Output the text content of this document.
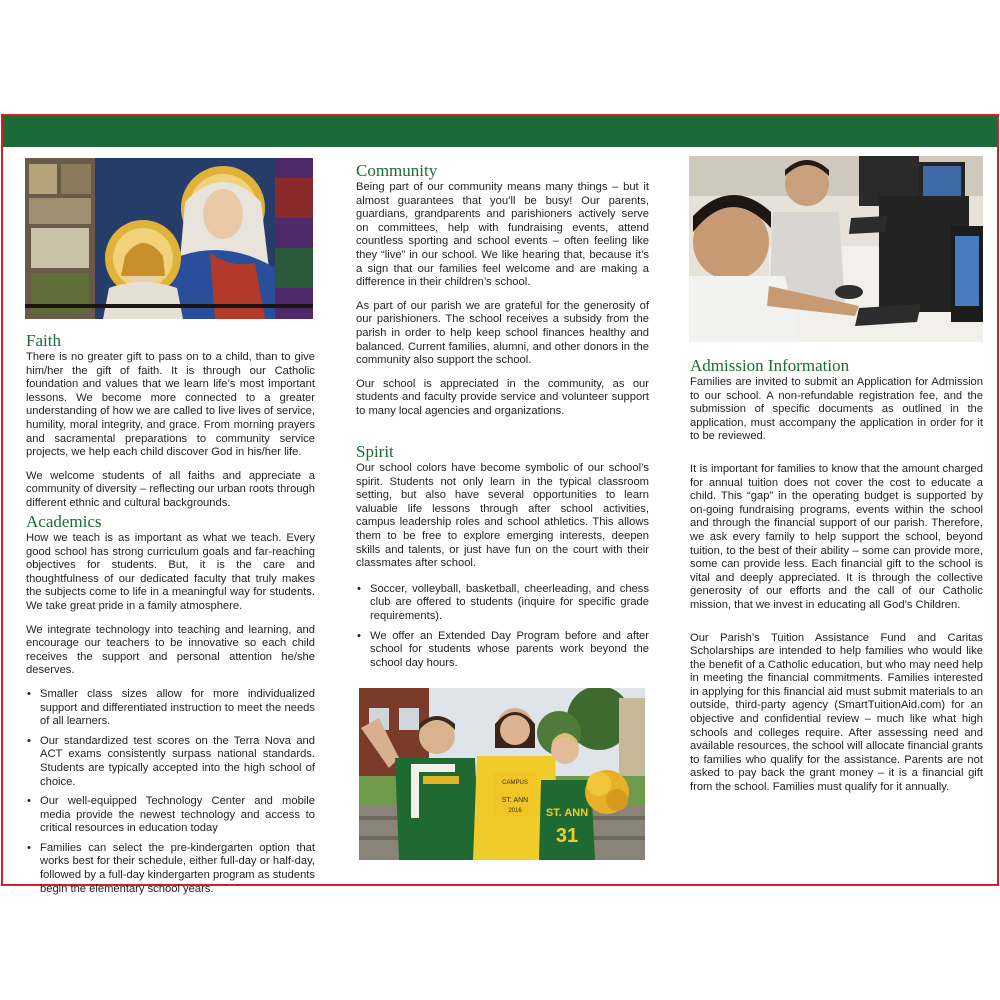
Faith

There is no greater gift to pass on to a child, than to give him/her the gift of faith. It is through our Catholic foundation and values that we learn life’s most important lessons. We become more connected to a greater understanding of how we are called to live lives of service, humility, moral integrity, and grace. From morning prayers and sacramental preparations to community service projects, we help each child discover God in his/her life.

We welcome students of all faiths and appreciate a community of diversity – reflecting our urban roots through different ethnic and cultural backgrounds.

Academics

How we teach is as important as what we teach. Every good school has strong curriculum goals and far-reaching objectives for students. But, it is the care and thoughtfulness of our dedicated faculty that truly makes the subjects come to life in a meaningful way for students. We take great pride in a family atmosphere.

We integrate technology into teaching and learning, and encourage our teachers to be innovative so each child receives the support and personal attention he/she deserves.

• Smaller class sizes allow for more individualized support and differentiated instruction to meet the needs of all learners.
• Our standardized test scores on the Terra Nova and ACT exams consistently surpass national standards. Students are typically accepted into the high school of choice.
• Our well-equipped Technology Center and mobile media provide the newest technology and access to critical resources in education today
• Families can select the pre-kindergarten option that works best for their schedule, either full-day or half-day, followed by a full-day kindergarten program as students begin the elementary school years.
Community

Being part of our community means many things – but it almost guarantees that you’ll be busy! Our parents, guardians, grandparents and parishioners actively serve on committees, help with fundraising events, attend countless sporting and school events – often feeling like they “live” in our school. We like hearing that, because it’s a sign that our families feel welcome and are making a difference in their children’s school.

As part of our parish we are grateful for the generosity of our parishioners. The school receives a subsidy from the parish in order to help keep school finances healthy and balanced. Current families, alumni, and other donors in the community also support the school.

Our school is appreciated in the community, as our students and faculty provide service and volunteer support to many local agencies and organizations.

Spirit

Our school colors have become symbolic of our school’s spirit. Students not only learn in the typical classroom setting, but also have several opportunities to learn valuable life lessons through after school activities, campus leadership roles and school athletics. This allows them to be free to explore emerging interests, deepen skills and talents, or just have fun on the court with their classmates after school.

• Soccer, volleyball, basketball, cheerleading, and chess club are offered to students (inquire for specific grade requirements).
• We offer an Extended Day Program before and after school for students whose parents work beyond the school day hours.
CAMPUS
ST. ANN
2016 ST. ANN
31
Admission Information

Families are invited to submit an Application for Admission to our school. A non-refundable registration fee, and the submission of specific documents as outlined in the application, must accompany the application in order for it to be reviewed.

It is important for families to know that the amount charged for annual tuition does not cover the cost to educate a child. This “gap” in the operating budget is supported by on-going fundraising programs, events within the school and through the financial support of our parish. Therefore, we ask every family to help support the school, beyond tuition, to the best of their ability – some can provide more, some can provide less. Each financial gift to the school is vital and deeply appreciated. It is through the collective generosity of our efforts and the call of our Catholic mission, that we invest in educating all God’s Children.

Our Parish’s Tuition Assistance Fund and Caritas Scholarships are intended to help families who would like the benefit of a Catholic education, but who may need help in meeting the financial commitments. Families interested in applying for this financial aid must submit materials to an outside, third-party agency (SmartTuitionAid.com) for an objective and confidential review – much like what high schools and colleges require. After assessing need and available resources, the school will allocate financial grants to families who qualify for the assistance. Parents are not asked to pay back the grant money – it is a financial gift from the school. Families must qualify for it annually.
